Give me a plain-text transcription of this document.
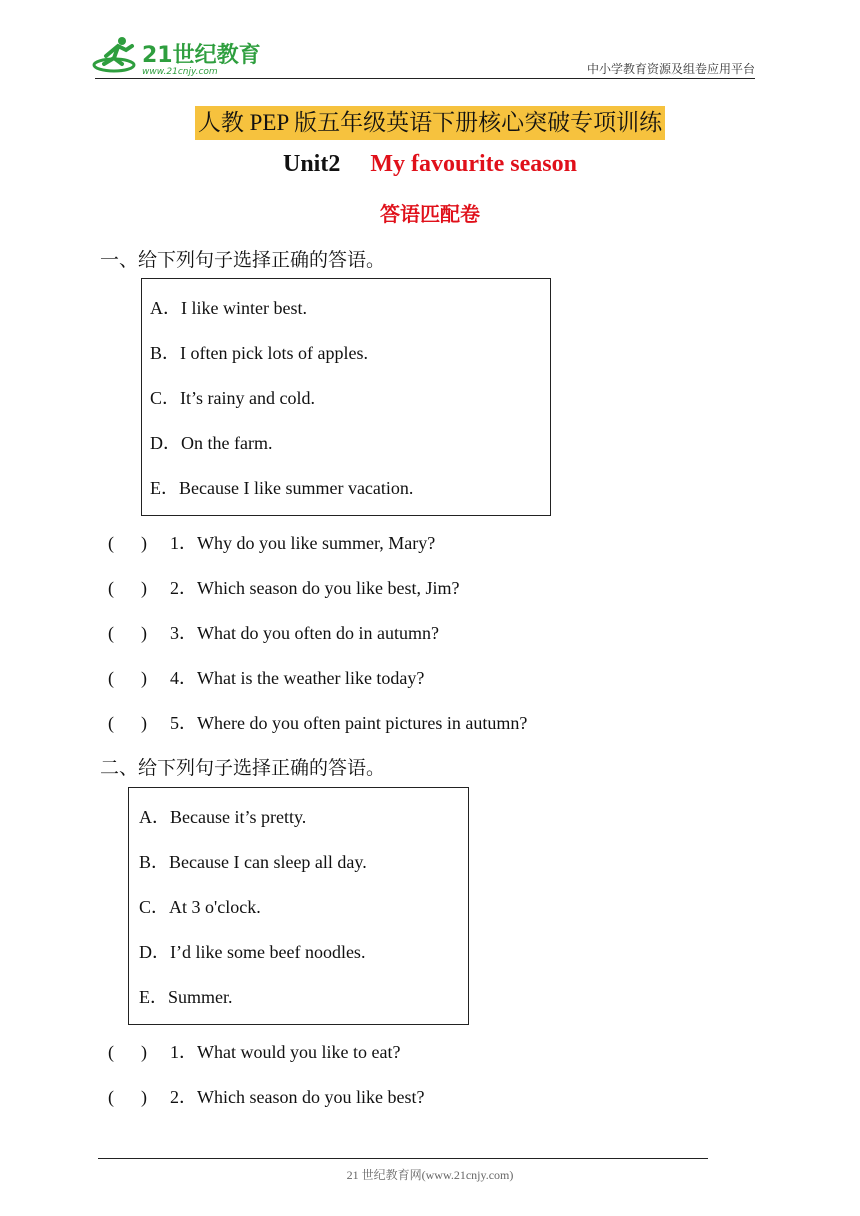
21世纪教育
www.21cnjy.com	中小学教育资源及组卷应用平台
人教 PEP 版五年级英语下册核心突破专项训练
Unit2 My favourite season
答语匹配卷
一、给下列句子选择正确的答语。
A．I like winter best.
B．I often pick lots of apples.
C．It’s rainy and cold.
D．On the farm.
E．Because I like summer vacation.
(      ) 1．Why do you like summer, Mary?
(      ) 2．Which season do you like best, Jim?
(      ) 3．What do you often do in autumn?
(      ) 4．What is the weather like today?
(      ) 5．Where do you often paint pictures in autumn?
二、给下列句子选择正确的答语。
A．Because it’s pretty.
B．Because I can sleep all day.
C．At 3 o'clock.
D．I’d like some beef noodles.
E．Summer.
(      ) 1．What would you like to eat?
(      ) 2．Which season do you like best?
21 世纪教育网(www.21cnjy.com)
